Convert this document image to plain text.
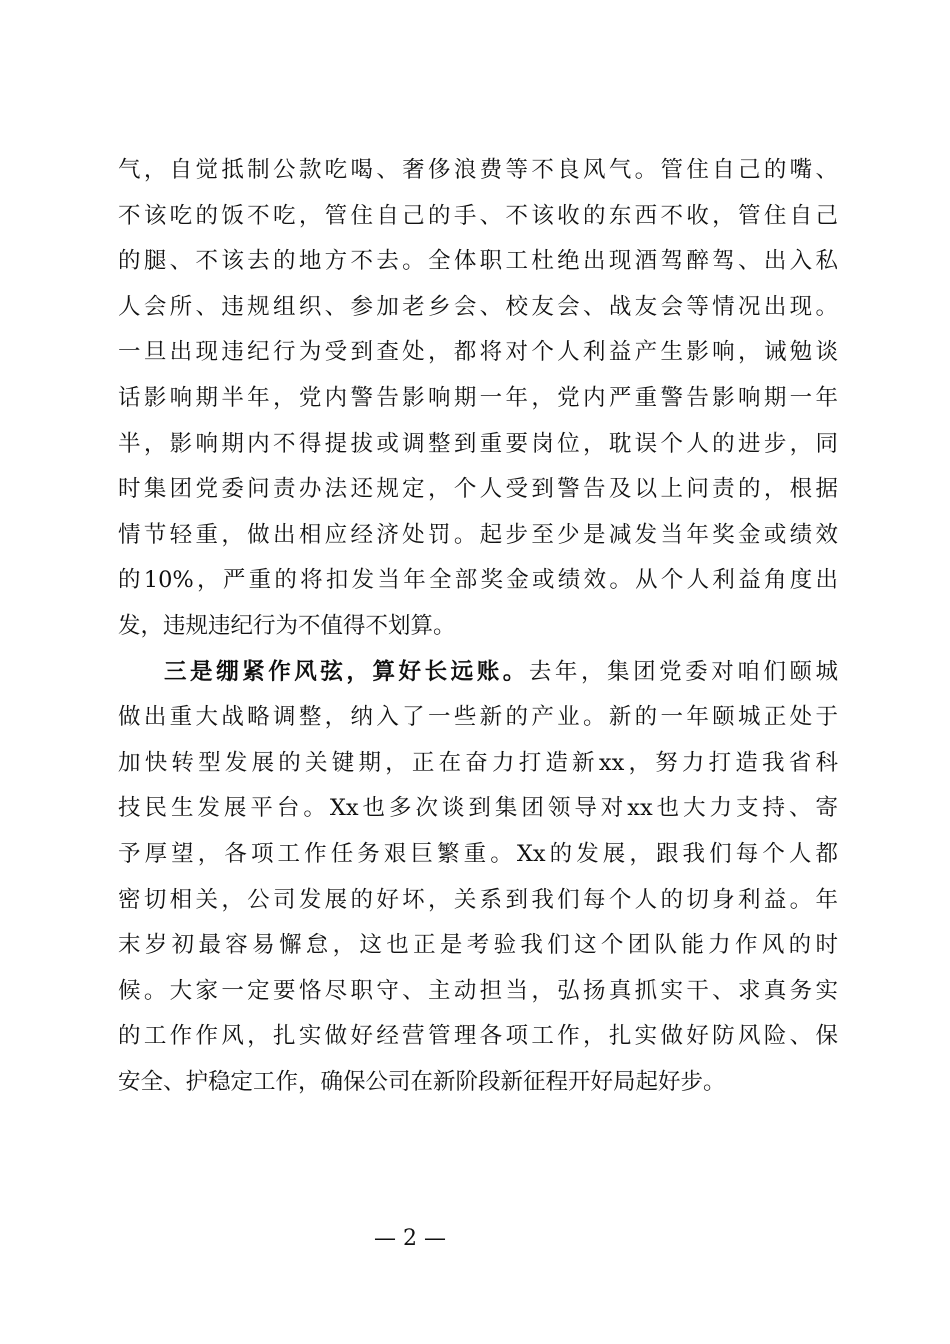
气，自觉抵制公款吃喝、奢侈浪费等不良风气。管住自己的嘴、
不该吃的饭不吃，管住自己的手、不该收的东西不收，管住自己
的腿、不该去的地方不去。全体职工杜绝出现酒驾醉驾、出入私
人会所、违规组织、参加老乡会、校友会、战友会等情况出现。
一旦出现违纪行为受到查处，都将对个人利益产生影响，诫勉谈
话影响期半年，党内警告影响期一年，党内严重警告影响期一年
半，影响期内不得提拔或调整到重要岗位，耽误个人的进步，同
时集团党委问责办法还规定，个人受到警告及以上问责的，根据
情节轻重，做出相应经济处罚。起步至少是减发当年奖金或绩效
的10%，严重的将扣发当年全部奖金或绩效。从个人利益角度出
发，违规违纪行为不值得不划算。
三是绷紧作风弦，算好长远账。去年，集团党委对咱们颐城
做出重大战略调整，纳入了一些新的产业。新的一年颐城正处于
加快转型发展的关键期，正在奋力打造新xx，努力打造我省科
技民生发展平台。Xx也多次谈到集团领导对xx也大力支持、寄
予厚望，各项工作任务艰巨繁重。Xx的发展，跟我们每个人都
密切相关，公司发展的好坏，关系到我们每个人的切身利益。年
末岁初最容易懈怠，这也正是考验我们这个团队能力作风的时
候。大家一定要恪尽职守、主动担当，弘扬真抓实干、求真务实
的工作作风，扎实做好经营管理各项工作，扎实做好防风险、保
安全、护稳定工作，确保公司在新阶段新征程开好局起好步。
— 2 —
